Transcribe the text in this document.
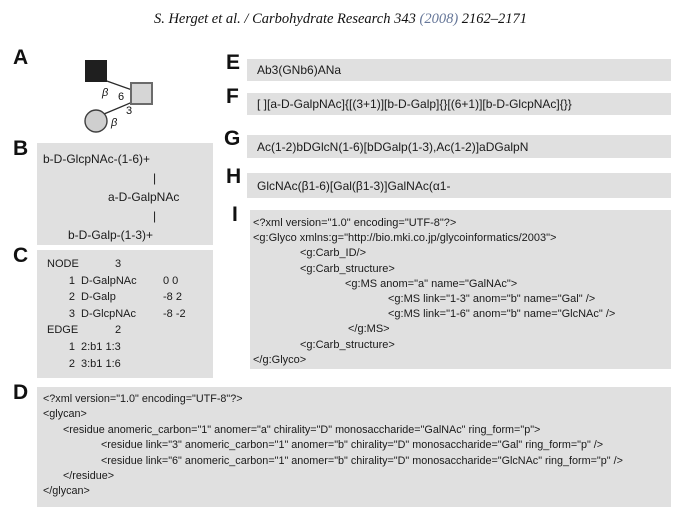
S. Herget et al. / Carbohydrate Research 343 (2008) 2162–2171
A
B
C
D
E
F
G
H
I
β 6
β
3
b-D-GlcpNAc-(1-6)+
|
a-D-GalpNAc
|
b-D-Galp-(1-3)+
NODE	3
1 D-GalpNAc	0 0
2 D-Galp	-8 2
3 D-GlcpNAc	-8 -2
EDGE	2
1 2:b1 1:3
2 3:b1 1:6
Ab3(GNb6)ANa
[ ][a-D-GalpNAc]{[(3+1)][b-D-Galp]{}[(6+1)][b-D-GlcpNAc]{}}
Ac(1-2)bDGlcN(1-6)[bDGalp(1-3),Ac(1-2)]aDGalpN
GlcNAc(β1-6)[Gal(β1-3)]GalNAc(α1-
<?xml version="1.0" encoding="UTF-8"?>
<g:Glyco xmlns:g="http://bio.mki.co.jp/glycoinformatics/2003">
<g:Carb_ID/>
<g:Carb_structure>
<g:MS anom="a" name="GalNAc">
<g:MS link="1-3" anom="b" name="Gal" />
<g:MS link="1-6" anom="b" name="GlcNAc" />
</g:MS>
<g:Carb_structure>
</g:Glyco>
<?xml version="1.0" encoding="UTF-8"?>
<glycan>
<residue anomeric_carbon="1" anomer="a" chirality="D" monosaccharide="GalNAc" ring_form="p">
<residue link="3" anomeric_carbon="1" anomer="b" chirality="D" monosaccharide="Gal" ring_form="p" />
<residue link="6" anomeric_carbon="1" anomer="b" chirality="D" monosaccharide="GlcNAc" ring_form="p" />
</residue>
</glycan>
